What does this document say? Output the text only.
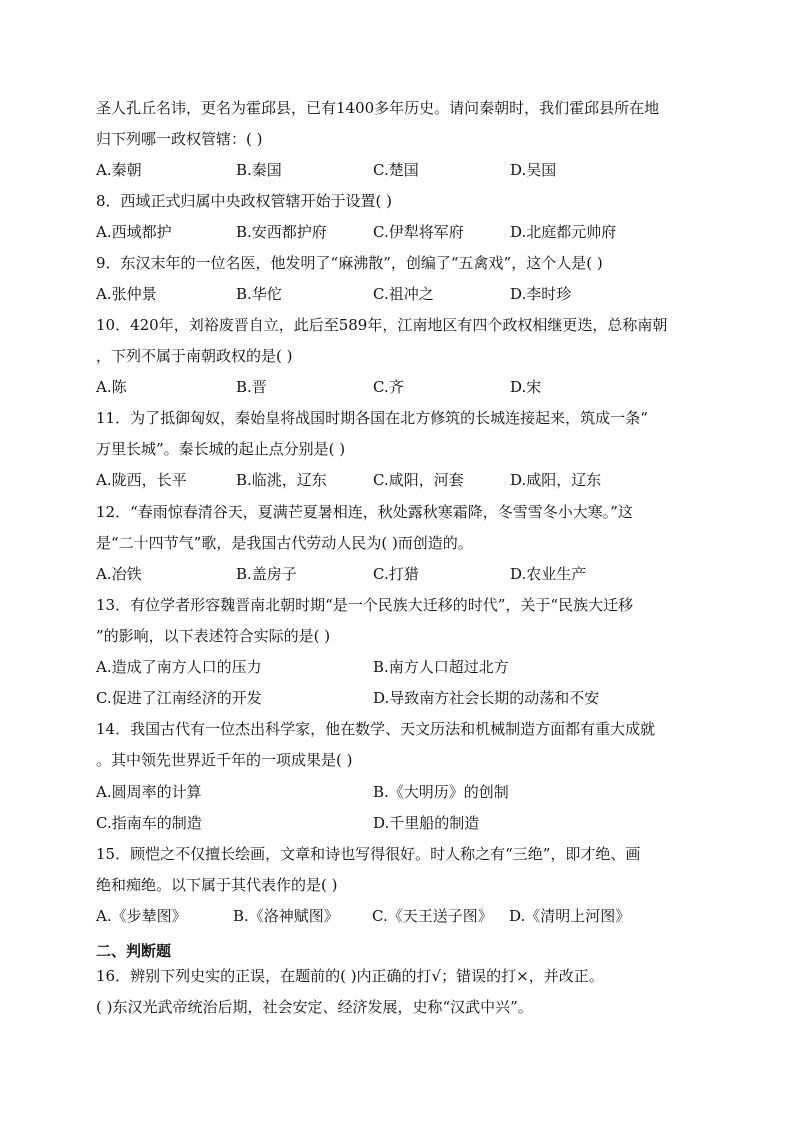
圣人孔丘名讳，更名为霍邱县，已有1400多年历史。请问秦朝时，我们霍邱县所在地
归下列哪一政权管辖：( )
A.秦朝	B.秦国	C.楚国	D.吴国
8．西域正式归属中央政权管辖开始于设置( )
A.西域都护	B.安西都护府	C.伊犁将军府	D.北庭都元帅府
9．东汉末年的一位名医，他发明了“麻沸散”，创编了“五禽戏”，这个人是( )
A.张仲景	B.华佗	C.祖冲之	D.李时珍
10．420年，刘裕废晋自立，此后至589年，江南地区有四个政权相继更迭，总称南朝
，下列不属于南朝政权的是( )
A.陈	B.晋	C.齐	D.宋
11．为了抵御匈奴，秦始皇将战国时期各国在北方修筑的长城连接起来，筑成一条“
万里长城”。秦长城的起止点分别是( )
A.陇西，长平	B.临洮，辽东	C.咸阳，河套	D.咸阳，辽东
12．“春雨惊春清谷天，夏满芒夏暑相连，秋处露秋寒霜降，冬雪雪冬小大寒。”这
是“二十四节气”歌，是我国古代劳动人民为( )而创造的。
A.冶铁	B.盖房子	C.打猎	D.农业生产
13．有位学者形容魏晋南北朝时期“是一个民族大迁移的时代”，关于“民族大迁移
”的影响，以下表述符合实际的是( )
A.造成了南方人口的压力	B.南方人口超过北方
C.促进了江南经济的开发	D.导致南方社会长期的动荡和不安
14．我国古代有一位杰出科学家，他在数学、天文历法和机械制造方面都有重大成就
。其中领先世界近千年的一项成果是( )
A.圆周率的计算	B.《大明历》的创制
C.指南车的制造	D.千里船的制造
15．顾恺之不仅擅长绘画，文章和诗也写得很好。时人称之有“三绝”，即才绝、画
绝和痴绝。以下属于其代表作的是( )
A.《步辇图》	B.《洛神赋图》 C.《天王送子图》 D.《清明上河图》
二、判断题
16．辨别下列史实的正误，在题前的( )内正确的打√；错误的打×，并改正。
( )东汉光武帝统治后期，社会安定、经济发展，史称“汉武中兴”。
